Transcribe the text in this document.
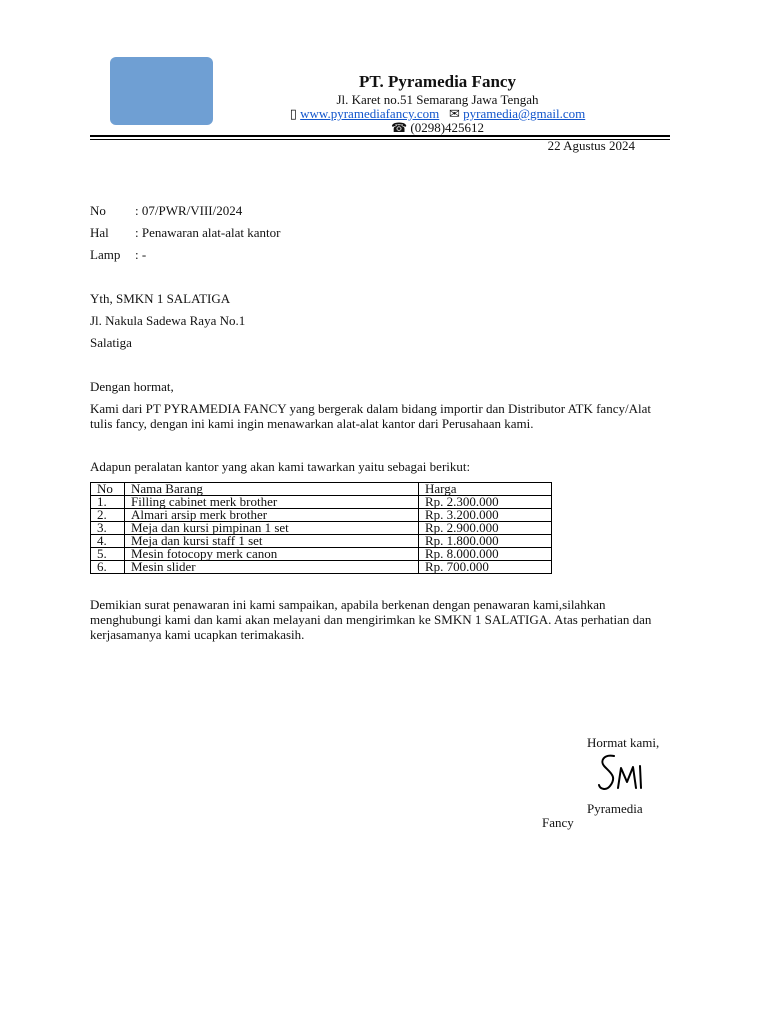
PT. Pyramedia Fancy
Jl. Karet no.51 Semarang Jawa Tengah
▯ www.pyramediafancy.com ✉ pyramedia@gmail.com
☎ (0298)425612
22 Agustus 2024
No : 07/PWR/VIII/2024
Hal : Penawaran alat-alat kantor
Lamp : -
Yth, SMKN 1 SALATIGA
Jl. Nakula Sadewa Raya No.1
Salatiga
Dengan hormat,
Kami dari PT PYRAMEDIA FANCY yang bergerak dalam bidang importir dan Distributor ATK fancy/Alat tulis fancy, dengan ini kami ingin menawarkan alat-alat kantor dari Perusahaan kami.
Adapun peralatan kantor yang akan kami tawarkan yaitu sebagai berikut:
No	Nama Barang	Harga
1.	Filling cabinet merk brother	Rp. 2.300.000
2.	Almari arsip merk brother	Rp. 3.200.000
3.	Meja dan kursi pimpinan 1 set	Rp. 2.900.000
4.	Meja dan kursi staff 1 set	Rp. 1.800.000
5.	Mesin fotocopy merk canon	Rp. 8.000.000
6.	Mesin slider	Rp. 700.000
Demikian surat penawaran ini kami sampaikan, apabila berkenan dengan penawaran kami,silahkan menghubungi kami dan kami akan melayani dan mengirimkan ke SMKN 1 SALATIGA. Atas perhatian dan kerjasamanya kami ucapkan terimakasih.
Hormat kami,
Pyramedia
Fancy
